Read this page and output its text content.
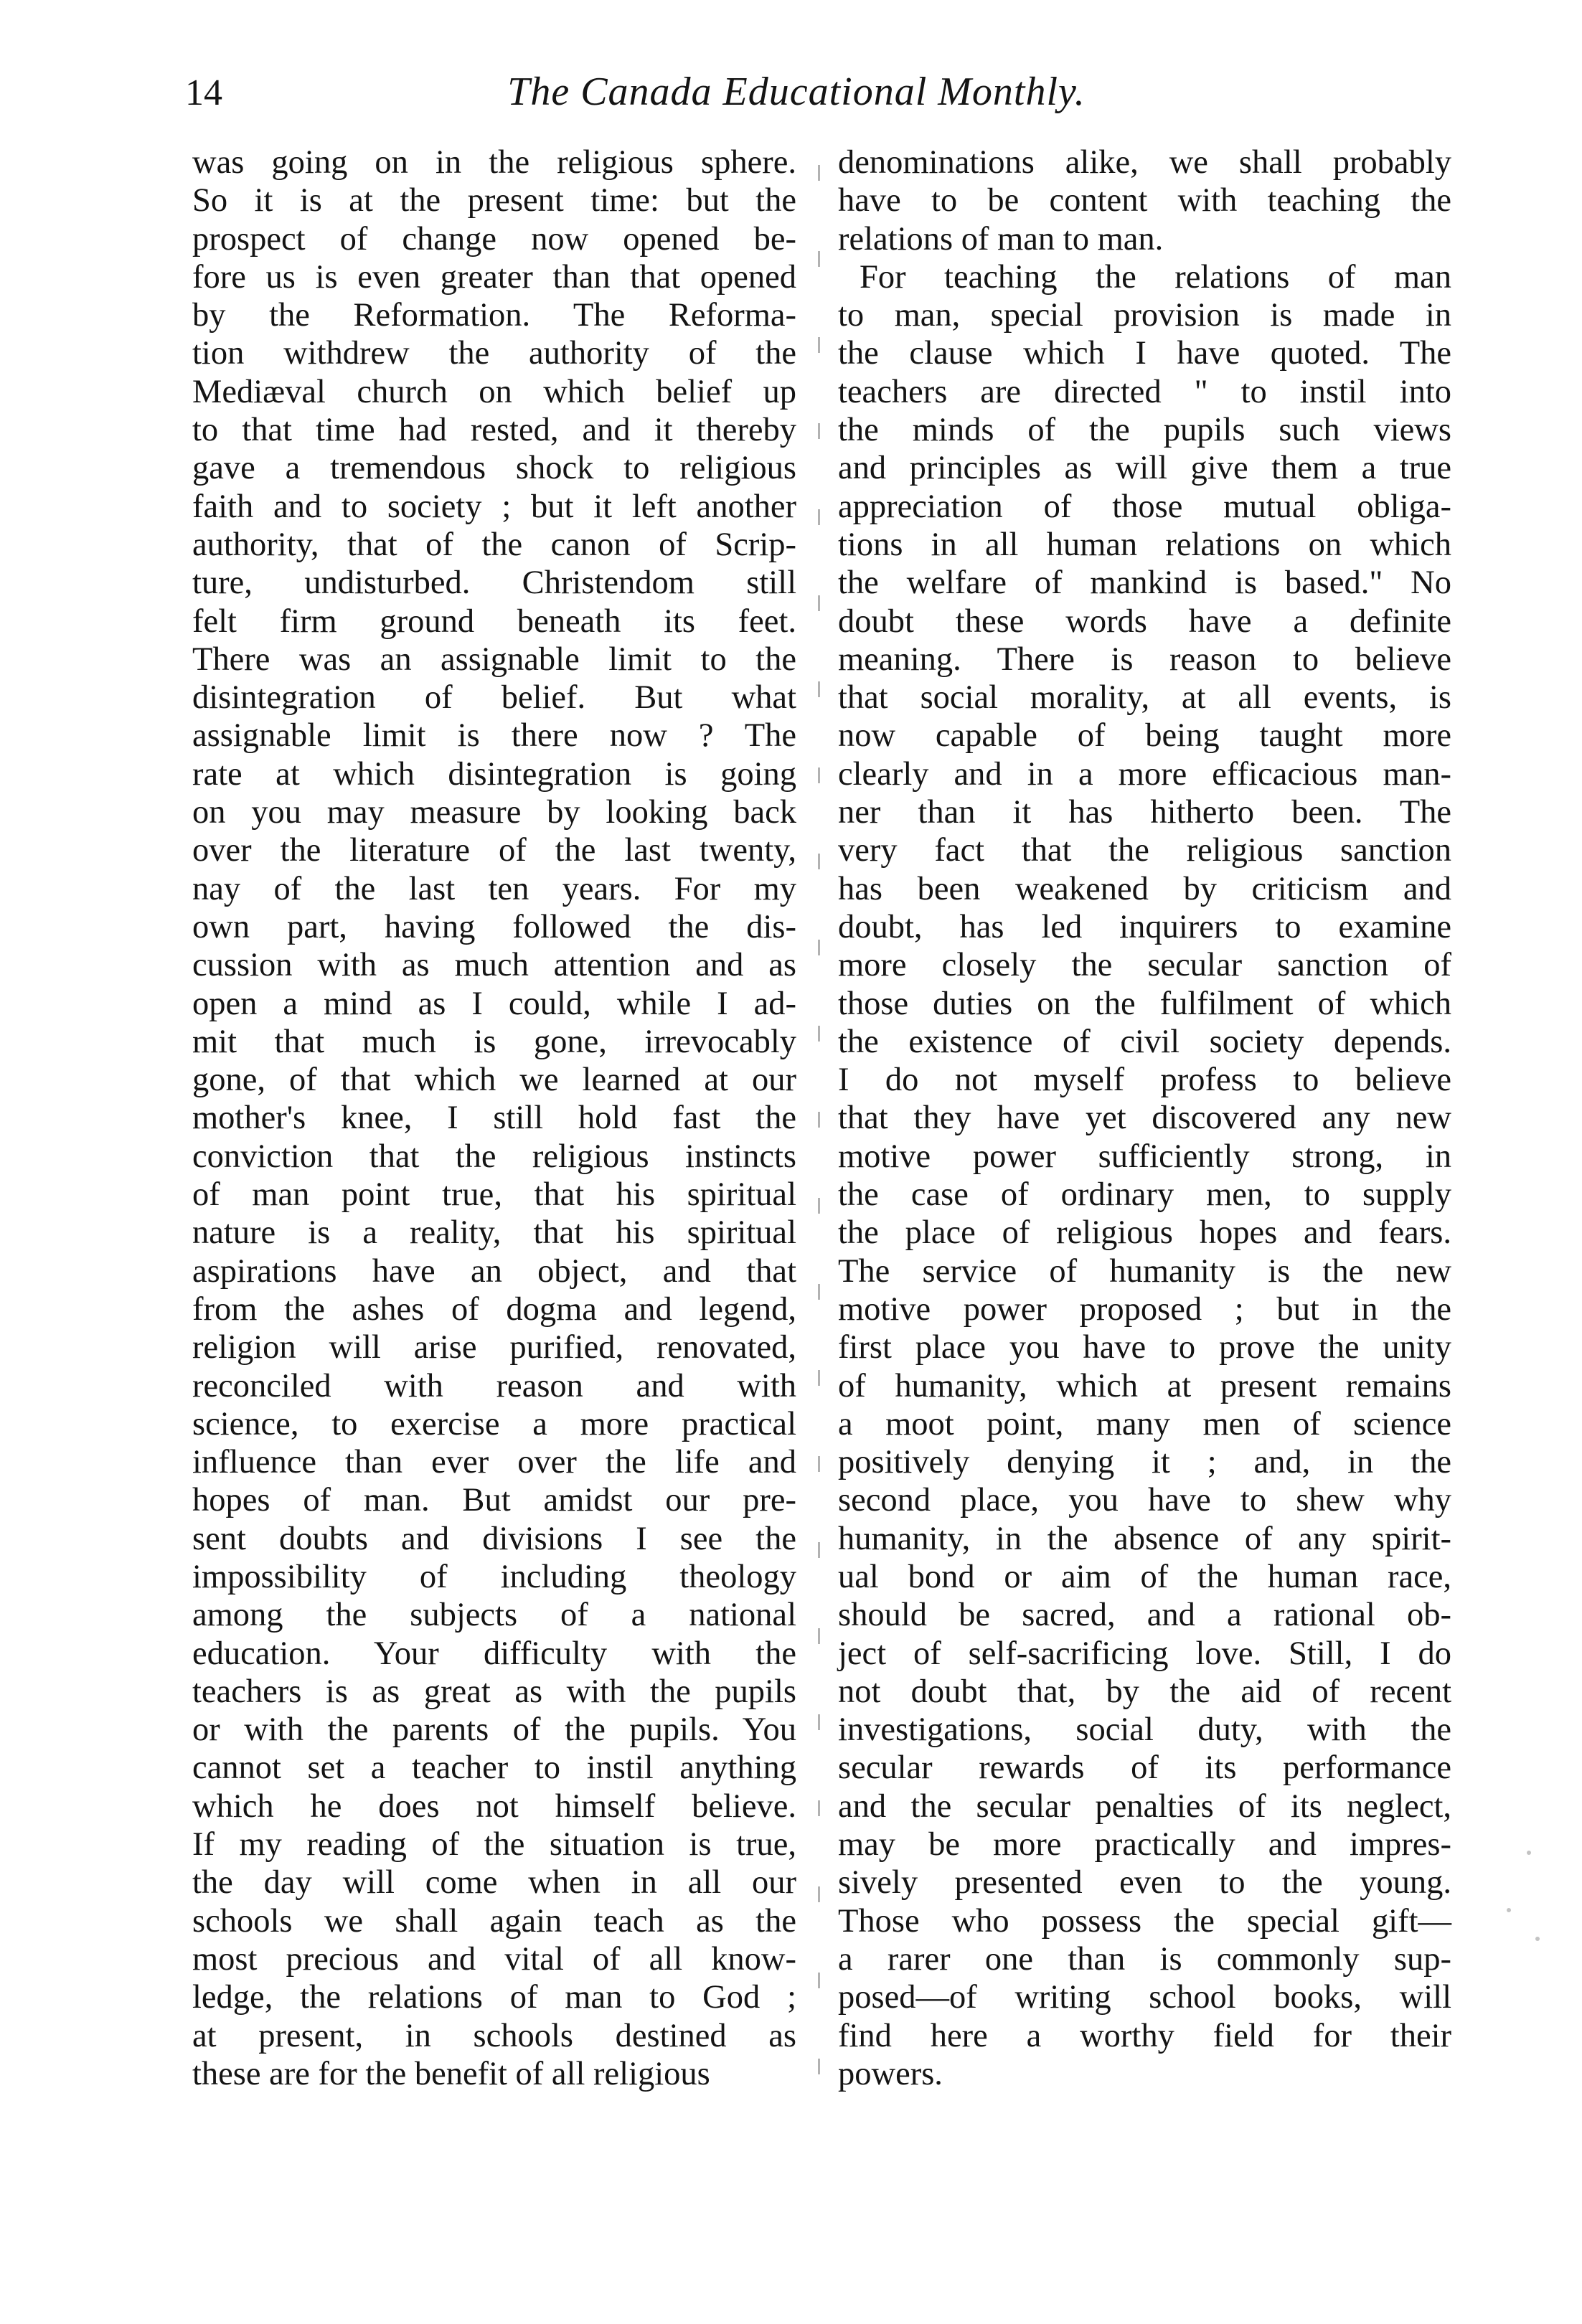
14	The Canada Educational Monthly.
was going on in the religious sphere.
So it is at the present time: but the
prospect of change now opened be-
fore us is even greater than that opened
by the Reformation. The Reforma-
tion withdrew the authority of the
Mediæval church on which belief up
to that time had rested, and it thereby
gave a tremendous shock to religious
faith and to society ; but it left another
authority, that of the canon of Scrip-
ture, undisturbed. Christendom still
felt firm ground beneath its feet.
There was an assignable limit to the
disintegration of belief. But what
assignable limit is there now ? The
rate at which disintegration is going
on you may measure by looking back
over the literature of the last twenty,
nay of the last ten years. For my
own part, having followed the dis-
cussion with as much attention and as
open a mind as I could, while I ad-
mit that much is gone, irrevocably
gone, of that which we learned at our
mother's knee, I still hold fast the
conviction that the religious instincts
of man point true, that his spiritual
nature is a reality, that his spiritual
aspirations have an object, and that
from the ashes of dogma and legend,
religion will arise purified, renovated,
reconciled with reason and with
science, to exercise a more practical
influence than ever over the life and
hopes of man. But amidst our pre-
sent doubts and divisions I see the
impossibility of including theology
among the subjects of a national
education. Your difficulty with the
teachers is as great as with the pupils
or with the parents of the pupils. You
cannot set a teacher to instil anything
which he does not himself believe.
If my reading of the situation is true,
the day will come when in all our
schools we shall again teach as the
most precious and vital of all know-
ledge, the relations of man to God ;
at present, in schools destined as
these are for the benefit of all religious
denominations alike, we shall probably
have to be content with teaching the
relations of man to man.
For teaching the relations of man
to man, special provision is made in
the clause which I have quoted. The
teachers are directed " to instil into
the minds of the pupils such views
and principles as will give them a true
appreciation of those mutual obliga-
tions in all human relations on which
the welfare of mankind is based." No
doubt these words have a definite
meaning. There is reason to believe
that social morality, at all events, is
now capable of being taught more
clearly and in a more efficacious man-
ner than it has hitherto been. The
very fact that the religious sanction
has been weakened by criticism and
doubt, has led inquirers to examine
more closely the secular sanction of
those duties on the fulfilment of which
the existence of civil society depends.
I do not myself profess to believe
that they have yet discovered any new
motive power sufficiently strong, in
the case of ordinary men, to supply
the place of religious hopes and fears.
The service of humanity is the new
motive power proposed ; but in the
first place you have to prove the unity
of humanity, which at present remains
a moot point, many men of science
positively denying it ; and, in the
second place, you have to shew why
humanity, in the absence of any spirit-
ual bond or aim of the human race,
should be sacred, and a rational ob-
ject of self-sacrificing love. Still, I do
not doubt that, by the aid of recent
investigations, social duty, with the
secular rewards of its performance
and the secular penalties of its neglect,
may be more practically and impres-
sively presented even to the young.
Those who possess the special gift—
a rarer one than is commonly sup-
posed—of writing school books, will
find here a worthy field for their
powers.
